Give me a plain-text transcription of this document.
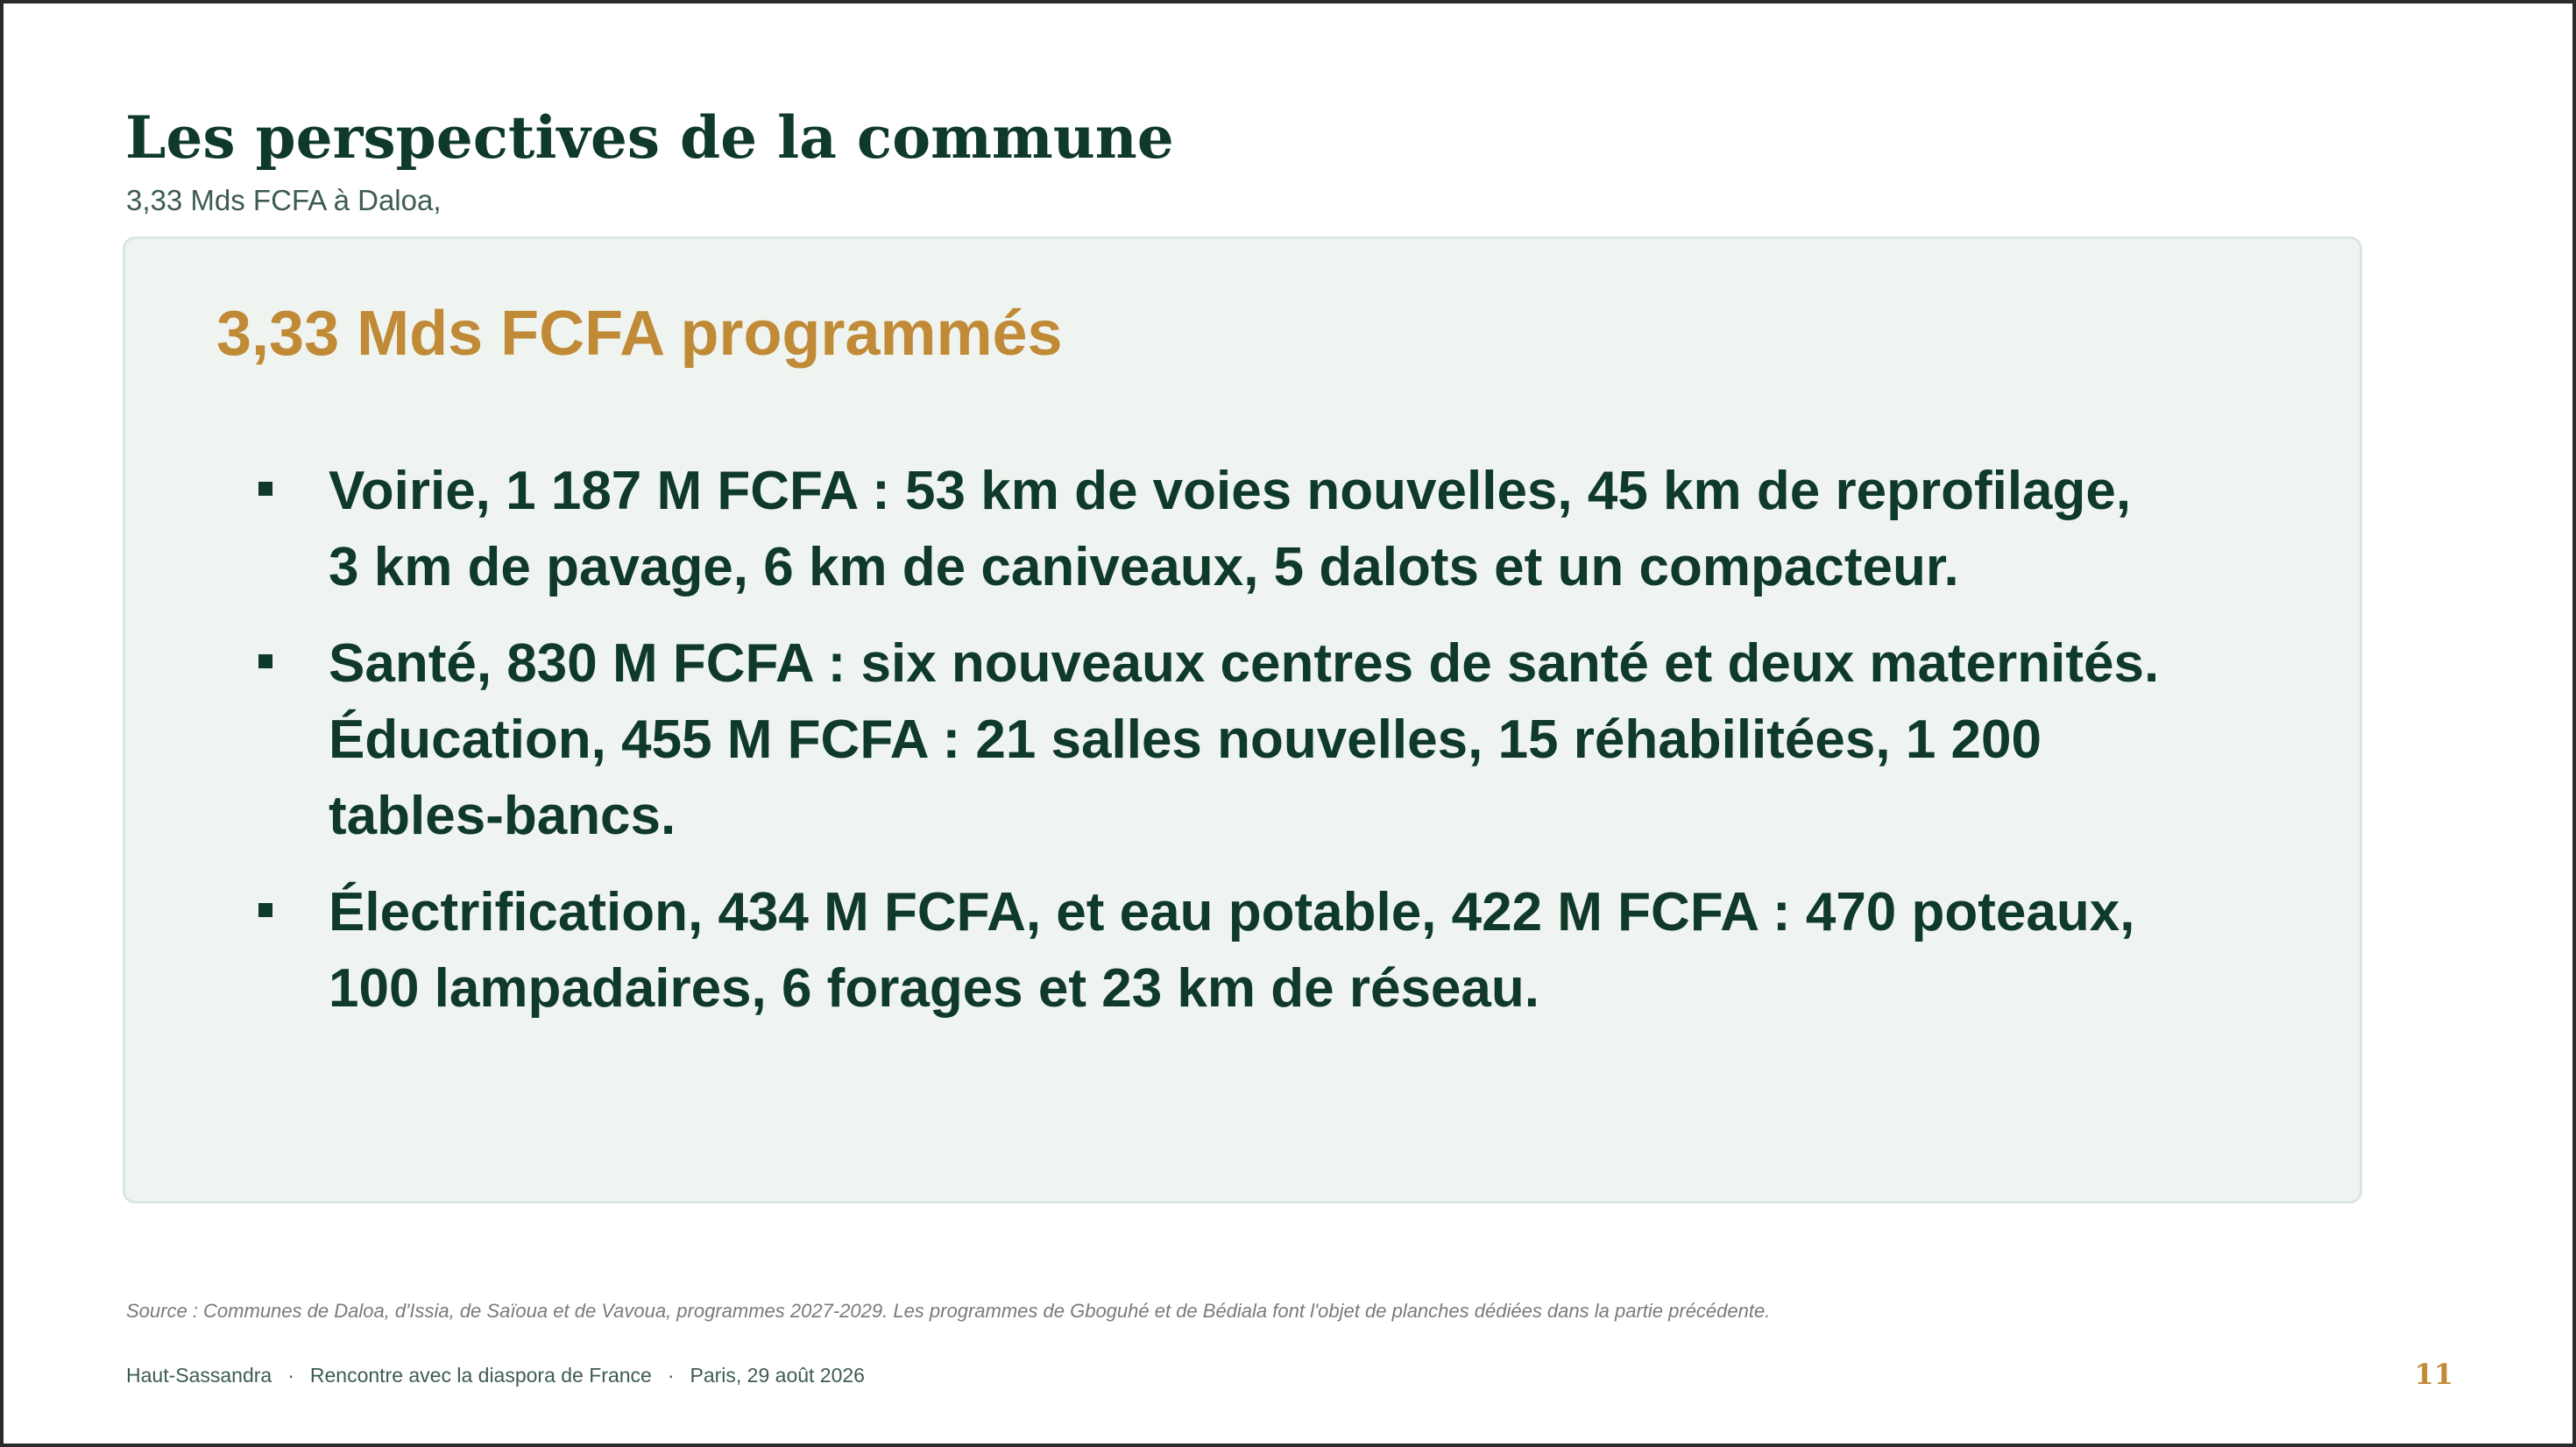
Les perspectives de la commune
3,33 Mds FCFA à Daloa,
3,33 Mds FCFA programmés
Voirie, 1 187 M FCFA : 53 km de voies nouvelles, 45 km de reprofilage, 3 km de pavage, 6 km de caniveaux, 5 dalots et un compacteur.
Santé, 830 M FCFA : six nouveaux centres de santé et deux maternités. Éducation, 455 M FCFA : 21 salles nouvelles, 15 réhabilitées, 1 200 tables-bancs.
Électrification, 434 M FCFA, et eau potable, 422 M FCFA : 470 poteaux, 100 lampadaires, 6 forages et 23 km de réseau.
Source : Communes de Daloa, d'Issia, de Saïoua et de Vavoua, programmes 2027-2029. Les programmes de Gboguhé et de Bédiala font l'objet de planches dédiées dans la partie précédente.
Haut-Sassandra · Rencontre avec la diaspora de France · Paris, 29 août 2026	11
